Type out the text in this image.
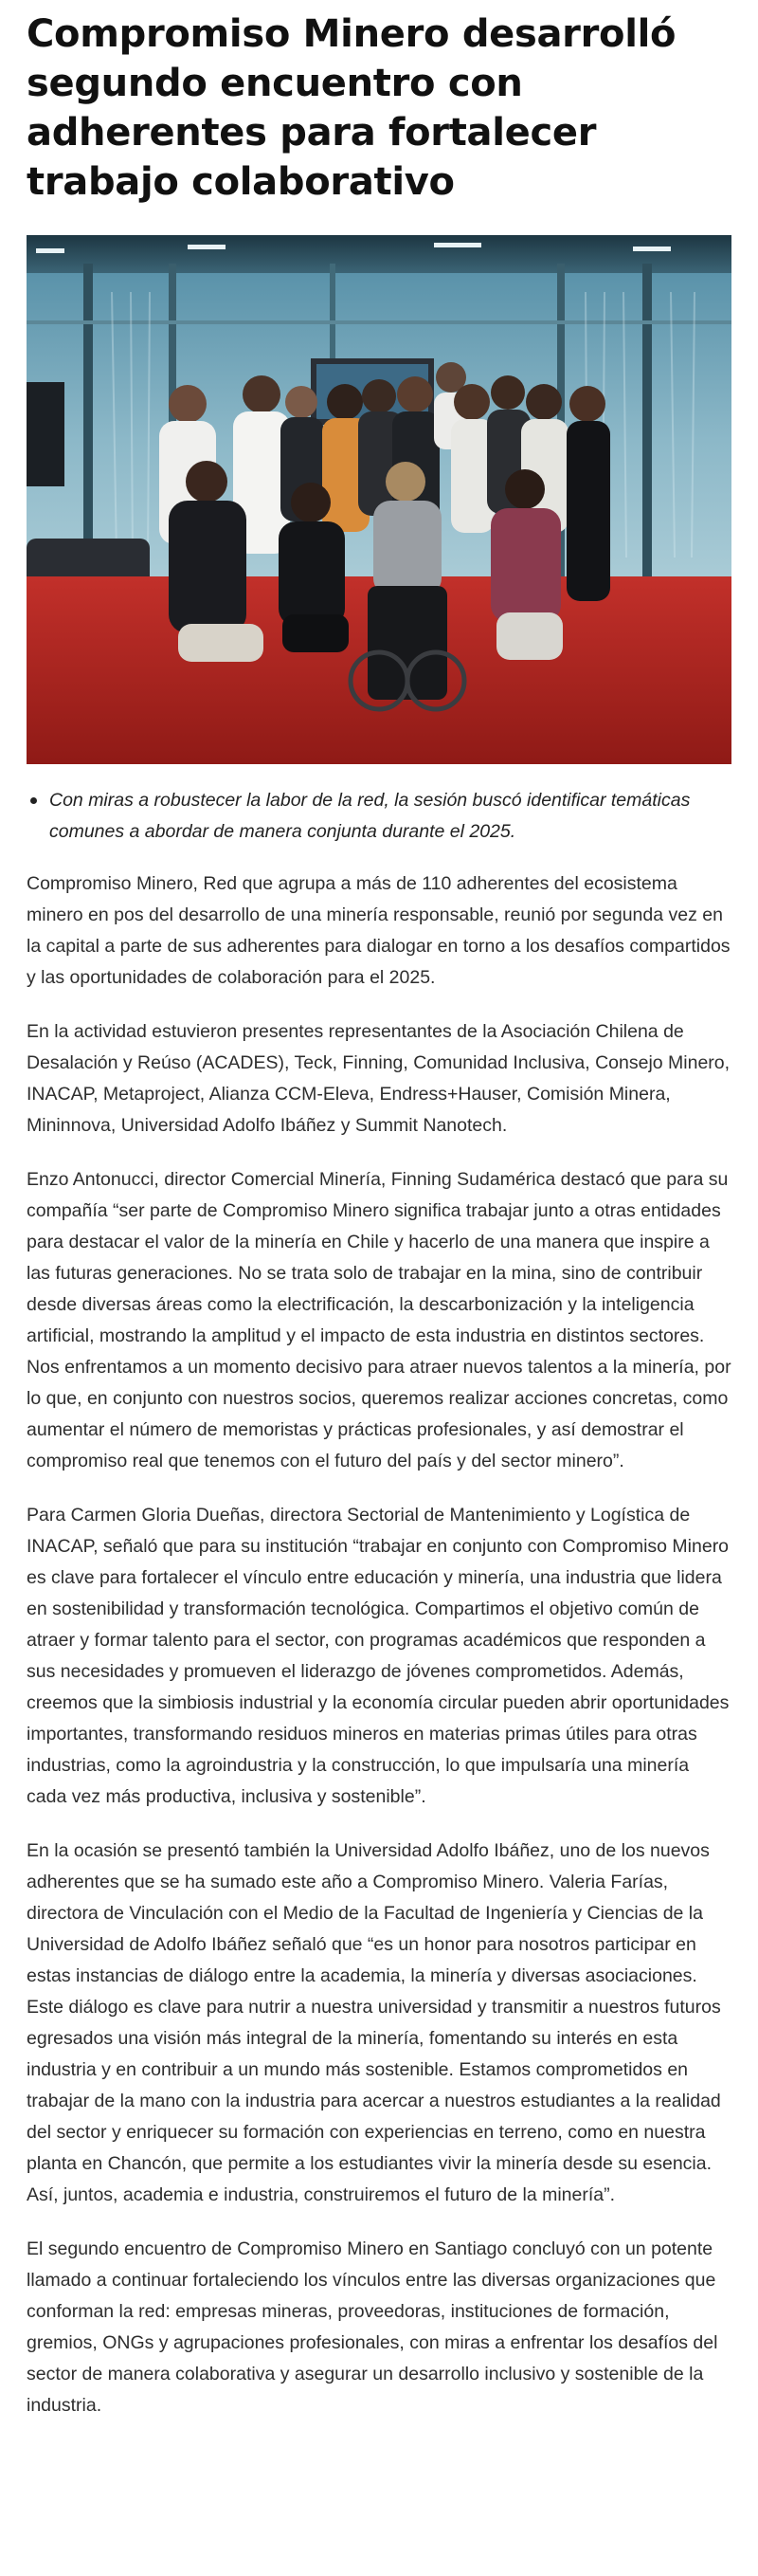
Compromiso Minero desarrolló segundo encuentro con adherentes para fortalecer trabajo colaborativo
Con miras a robustecer la labor de la red, la sesión buscó identificar temáticas comunes a abordar de manera conjunta durante el 2025.

Compromiso Minero, Red que agrupa a más de 110 adherentes del ecosistema minero en pos del desarrollo de una minería responsable, reunió por segunda vez en la capital a parte de sus adherentes para dialogar en torno a los desafíos compartidos y las oportunidades de colaboración para el 2025.

En la actividad estuvieron presentes representantes de la Asociación Chilena de Desalación y Reúso (ACADES), Teck, Finning, Comunidad Inclusiva, Consejo Minero, INACAP, Metaproject, Alianza CCM-Eleva, Endress+Hauser, Comisión Minera, Mininnova, Universidad Adolfo Ibáñez y Summit Nanotech.

Enzo Antonucci, director Comercial Minería, Finning Sudamérica destacó que para su compañía “ser parte de Compromiso Minero significa trabajar junto a otras entidades para destacar el valor de la minería en Chile y hacerlo de una manera que inspire a las futuras generaciones. No se trata solo de trabajar en la mina, sino de contribuir desde diversas áreas como la electrificación, la descarbonización y la inteligencia artificial, mostrando la amplitud y el impacto de esta industria en distintos sectores. Nos enfrentamos a un momento decisivo para atraer nuevos talentos a la minería, por lo que, en conjunto con nuestros socios, queremos realizar acciones concretas, como aumentar el número de memoristas y prácticas profesionales, y así demostrar el compromiso real que tenemos con el futuro del país y del sector minero”.

Para Carmen Gloria Dueñas, directora Sectorial de Mantenimiento y Logística de INACAP, señaló que para su institución “trabajar en conjunto con Compromiso Minero es clave para fortalecer el vínculo entre educación y minería, una industria que lidera en sostenibilidad y transformación tecnológica. Compartimos el objetivo común de atraer y formar talento para el sector, con programas académicos que responden a sus necesidades y promueven el liderazgo de jóvenes comprometidos. Además, creemos que la simbiosis industrial y la economía circular pueden abrir oportunidades importantes, transformando residuos mineros en materias primas útiles para otras industrias, como la agroindustria y la construcción, lo que impulsaría una minería cada vez más productiva, inclusiva y sostenible”.

En la ocasión se presentó también la Universidad Adolfo Ibáñez, uno de los nuevos adherentes que se ha sumado este año a Compromiso Minero. Valeria Farías, directora de Vinculación con el Medio de la Facultad de Ingeniería y Ciencias de la Universidad de Adolfo Ibáñez señaló que “es un honor para nosotros participar en estas instancias de diálogo entre la academia, la minería y diversas asociaciones. Este diálogo es clave para nutrir a nuestra universidad y transmitir a nuestros futuros egresados una visión más integral de la minería, fomentando su interés en esta industria y en contribuir a un mundo más sostenible. Estamos comprometidos en trabajar de la mano con la industria para acercar a nuestros estudiantes a la realidad del sector y enriquecer su formación con experiencias en terreno, como en nuestra planta en Chancón, que permite a los estudiantes vivir la minería desde su esencia. Así, juntos, academia e industria, construiremos el futuro de la minería”.

El segundo encuentro de Compromiso Minero en Santiago concluyó con un potente llamado a continuar fortaleciendo los vínculos entre las diversas organizaciones que conforman la red: empresas mineras, proveedoras, instituciones de formación, gremios, ONGs y agrupaciones profesionales, con miras a enfrentar los desafíos del sector de manera colaborativa y asegurar un desarrollo inclusivo y sostenible de la industria.
